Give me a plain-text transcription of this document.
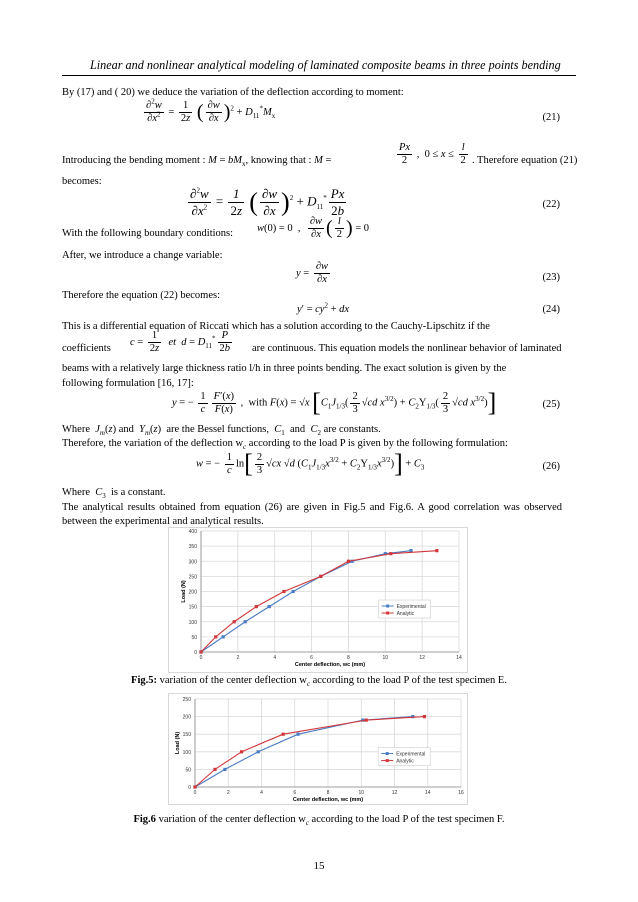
Linear and nonlinear analytical modeling of laminated composite beams in three points bending
By (17) and ( 20) we deduce the variation of the deflection according to moment:
$\frac{\partial^2w}{\partial x^2} = \frac{1}{2z}$ ( $\frac{\partial w}{\partial x} )^2 + D_{11}^*M_x$	(21)
Introducing the bending moment : $M = bM_x$, knowing that : M =	$\frac{Px}{2}$ ,  $0 \le x \le \frac{l}{2}$ . Therefore equation (21)
becomes:
$\frac{\partial^2w}{\partial x^2} = \frac{1}{2z}$ ( $\frac{\partial w}{\partial x} )^2 + D_{11}^* \frac{Px}{2b}$	(22)
With the following boundary conditions: w(0) = 0  , $\frac{\partial w}{\partial x}$ ( $\frac{l}{2}$ ) = 0
After, we introduce a change variable:
$y = \frac{\partial w}{\partial x}$	(23)
Therefore the equation (22) becomes:
$y' = cy^2$ + dx	(24)
This is a differential equation of Riccati which has a solution according to the Cauchy-Lipschitz if the
coefficients
$c = \frac{1}{2z}$ et $d = D_{11}^* \frac{P}{2b}$ are continuous. This equation models the nonlinear behavior of laminated
beams with a relatively large thickness ratio l/h in three points bending. The exact solution is given by the
following formulation [16, 17]:
y = − $\frac{1}{c} \frac{F'(x)}{F(x)}$ ,  with F(x) = √x [$C_1J_{1/3}( \frac{2}{3} √cd$ $x^{3/2}) + C_2Y_{1/3}( \frac{2}{3} √cd$ $x^{3/2}$)]	(25)
Where $J_m(z)$ and $Y_m(z)$  are the Bessel functions, $C_1$ and $C_2$ are constants.
Therefore, the variation of the deflection $w_c$ according to the load P is given by the following formulation:
w = − $\frac{1}{c} \ln[ \frac{2}{3} √cx$ √d $(C_1J_{1/3}x^{3/2} + C_2Y_{1/3}x^{3/2})] + C_3$	(26)
Where $C_3$ is a constant.
The analytical results obtained from equation (26) are given in Fig.5 and Fig.6. A good correlation was observed between the experimental and analytical results.
0
50
100
150
200
250
300
350
400
0	2	4	6	8	10	12	14
Center deflection, wc (mm)
Load (N)
Experimental
Analytic
Fig.5: variation of the center deflection $w_c$ according to the load P of the test specimen E.
0
50
100
150
200
250
0	2	4	6	8	10	12	14	16
Center deflection, wc (mm)
Load (N)
Experimental
Analytic
Fig.6 variation of the center deflection $w_c$ according to the load P of the test specimen F.
15
